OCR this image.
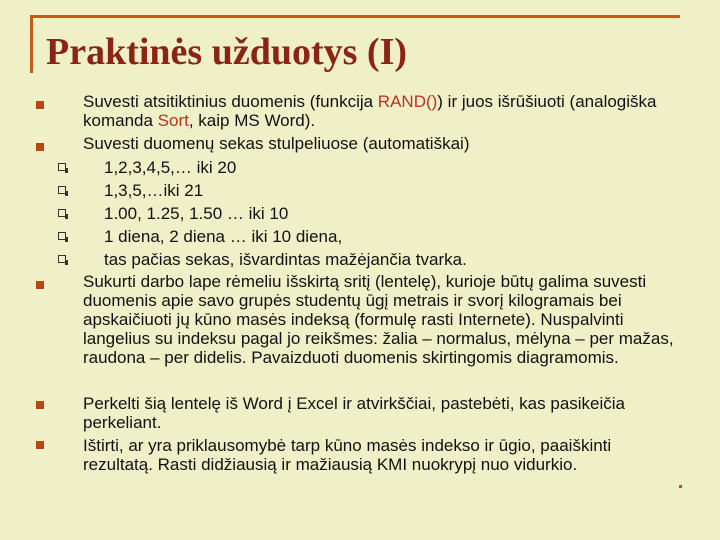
Praktinės užduotys (I)
Suvesti atsitiktinius duomenis (funkcija RAND()) ir juos išrūšiuoti (analogiška komanda Sort, kaip MS Word).
Suvesti duomenų sekas stulpeliuose (automatiškai)
1,2,3,4,5,… iki 20
1,3,5,…iki 21
1.00, 1.25, 1.50 … iki 10
1 diena, 2 diena … iki 10 diena,
tas pačias sekas, išvardintas mažėjančia tvarka.
Sukurti darbo lape rėmeliu išskirtą sritį (lentelę), kurioje būtų galima suvesti duomenis apie savo grupės studentų ūgį metrais ir svorį kilogramais bei apskaičiuoti jų kūno masės indeksą (formulę rasti Internete). Nuspalvinti langelius su indeksu pagal jo reikšmes: žalia – normalus, mėlyna – per mažas, raudona – per didelis. Pavaizduoti duomenis skirtingomis diagramomis.
Perkelti šią lentelę iš Word į Excel ir atvirkščiai, pastebėti, kas pasikeičia perkeliant.
Ištirti, ar yra priklausomybė tarp kūno masės indekso ir ūgio, paaiškinti rezultatą. Rasti didžiausią ir mažiausią KMI nuokrypį nuo vidurkio.
